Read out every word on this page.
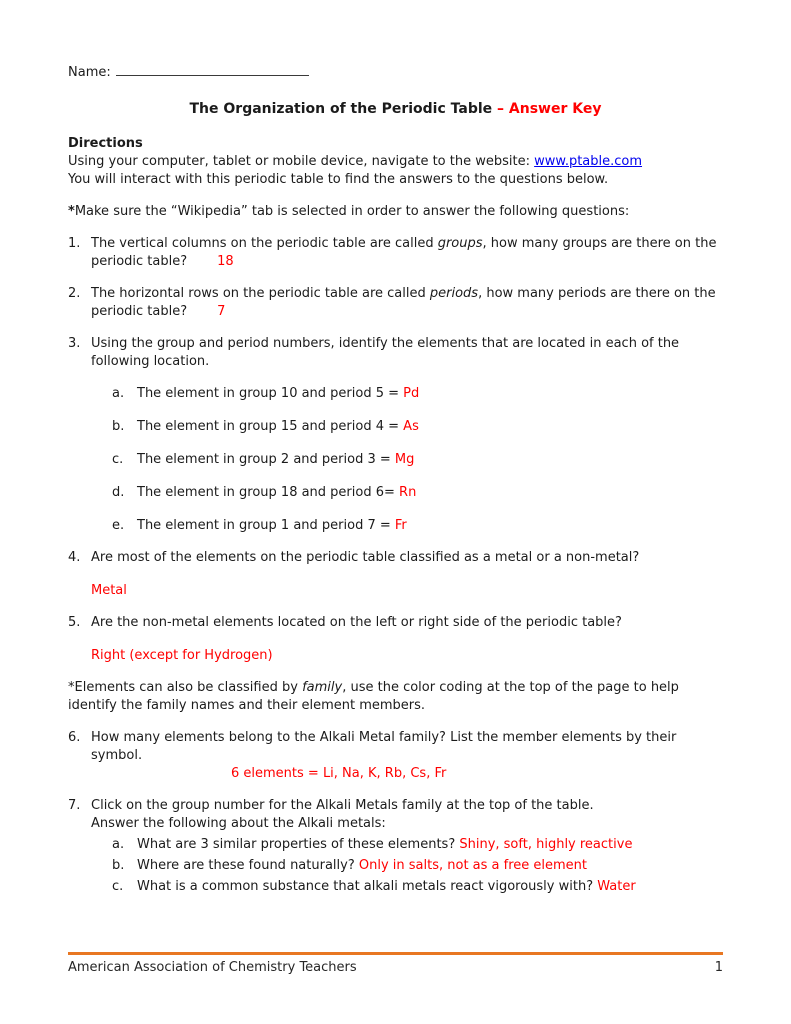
Name:
The Organization of the Periodic Table – Answer Key
Directions

Using your computer, tablet or mobile device, navigate to the website: www.ptable.com
You will interact with this periodic table to find the answers to the questions below.

*Make sure the “Wikipedia” tab is selected in order to answer the following questions:

1. The vertical columns on the periodic table are called groups, how many groups are there on the periodic table? 18
2. The horizontal rows on the periodic table are called periods, how many periods are there on the periodic table? 7
3. Using the group and period numbers, identify the elements that are located in each of the following location.
a. The element in group 10 and period 5 = Pd
b. The element in group 15 and period 4 = As
c.	The element in group 2 and period 3 = Mg
d. The element in group 18 and period 6= Rn
e. The element in group 1 and period 7 = Fr
4. Are most of the elements on the periodic table classified as a metal or a non-metal?
Metal
5. Are the non-metal elements located on the left or right side of the periodic table?
Right (except for Hydrogen)

*Elements can also be classified by family, use the color coding at the top of the page to help identify the family names and their element members.

6. How many elements belong to the Alkali Metal family? List the member elements by their symbol.
6 elements = Li, Na, K, Rb, Cs, Fr
7. Click on the group number for the Alkali Metals family at the top of the table.
Answer the following about the Alkali metals:
a. What are 3 similar properties of these elements? Shiny, soft, highly reactive
b. Where are these found naturally? Only in salts, not as a free element
c.	What is a common substance that alkali metals react vigorously with? Water
American Association of Chemistry Teachers	1
